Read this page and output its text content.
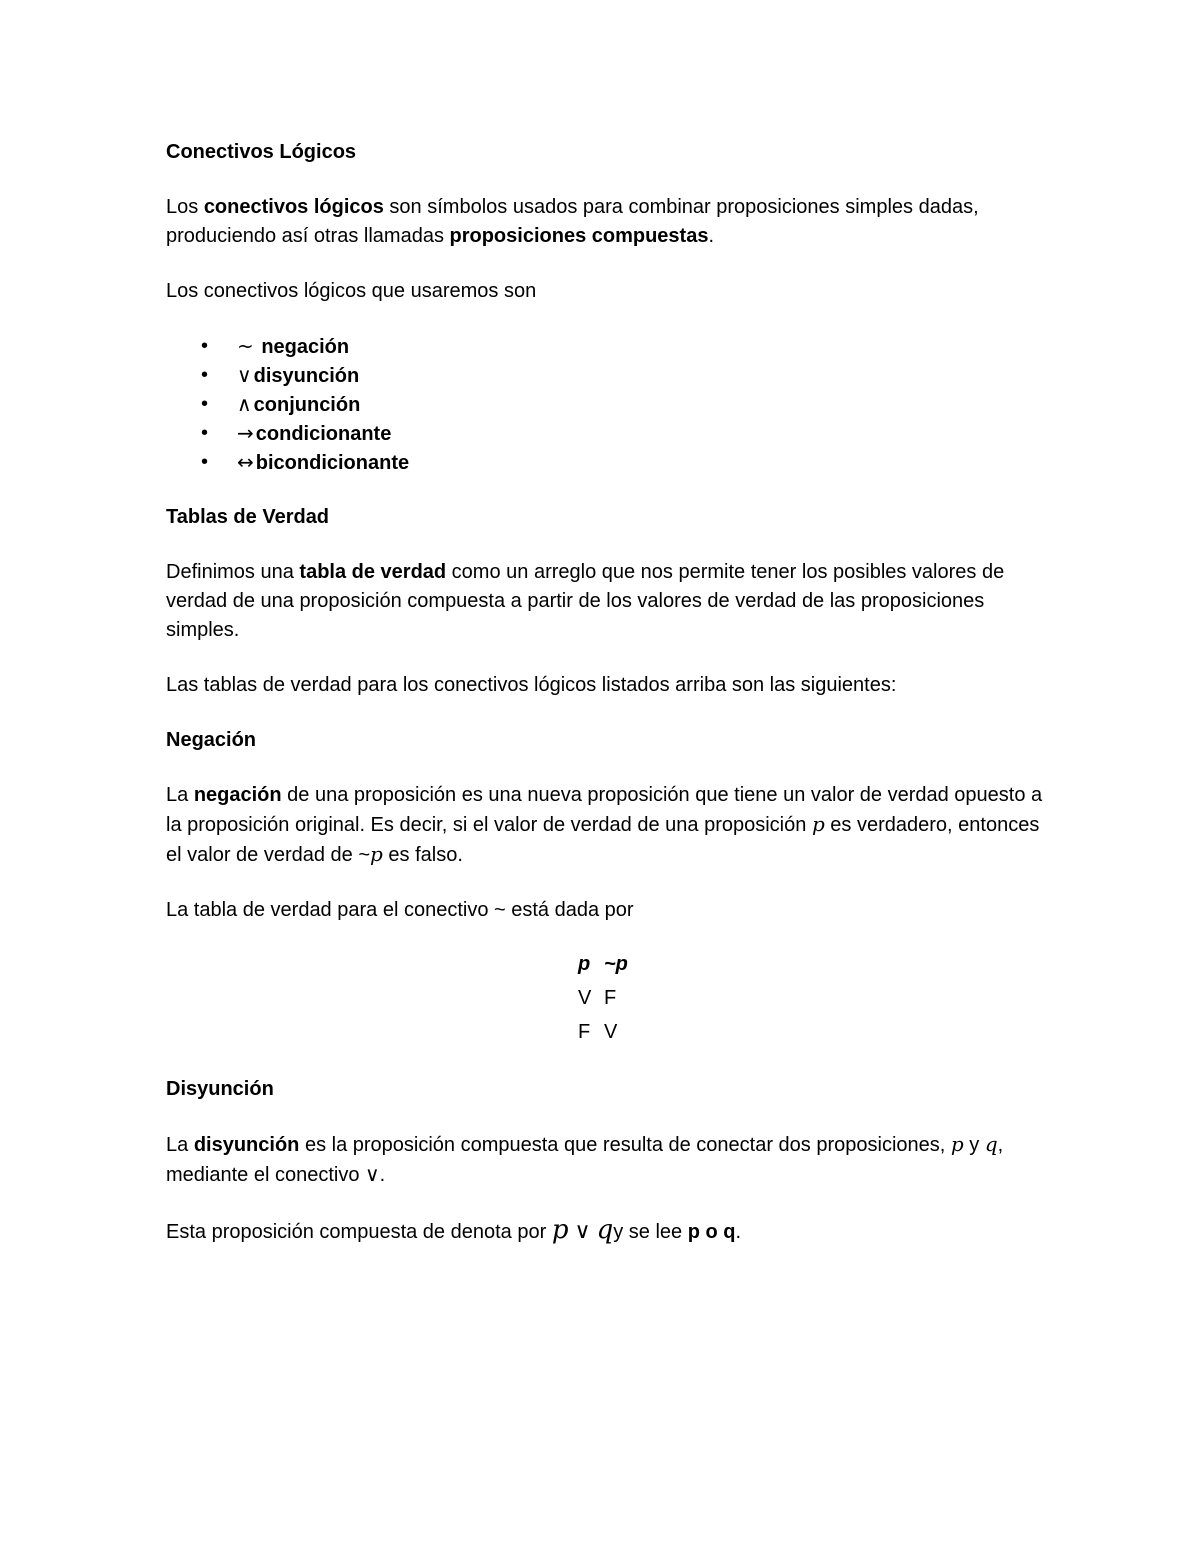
Conectivos Lógicos

Los conectivos lógicos son símbolos usados para combinar proposiciones simples dadas, produciendo así otras llamadas proposiciones compuestas.

Los conectivos lógicos que usaremos son

• ~ negación
• ∨ disyunción
• ∧ conjunción
• → condicionante
• ↔ bicondicionante

Tablas de Verdad

Definimos una tabla de verdad como un arreglo que nos permite tener los posibles valores de verdad de una proposición compuesta a partir de los valores de verdad de las proposiciones simples.

Las tablas de verdad para los conectivos lógicos listados arriba son las siguientes:

Negación

La negación de una proposición es una nueva proposición que tiene un valor de verdad opuesto a la proposición original. Es decir, si el valor de verdad de una proposición p es verdadero, entonces el valor de verdad de ~p es falso.

La tabla de verdad para el conectivo ~ está dada por

p	~p
V	F
F	V

Disyunción

La disyunción es la proposición compuesta que resulta de conectar dos proposiciones, p y q, mediante el conectivo ∨.

Esta proposición compuesta de denota por p ∨ qy se lee p o q.
